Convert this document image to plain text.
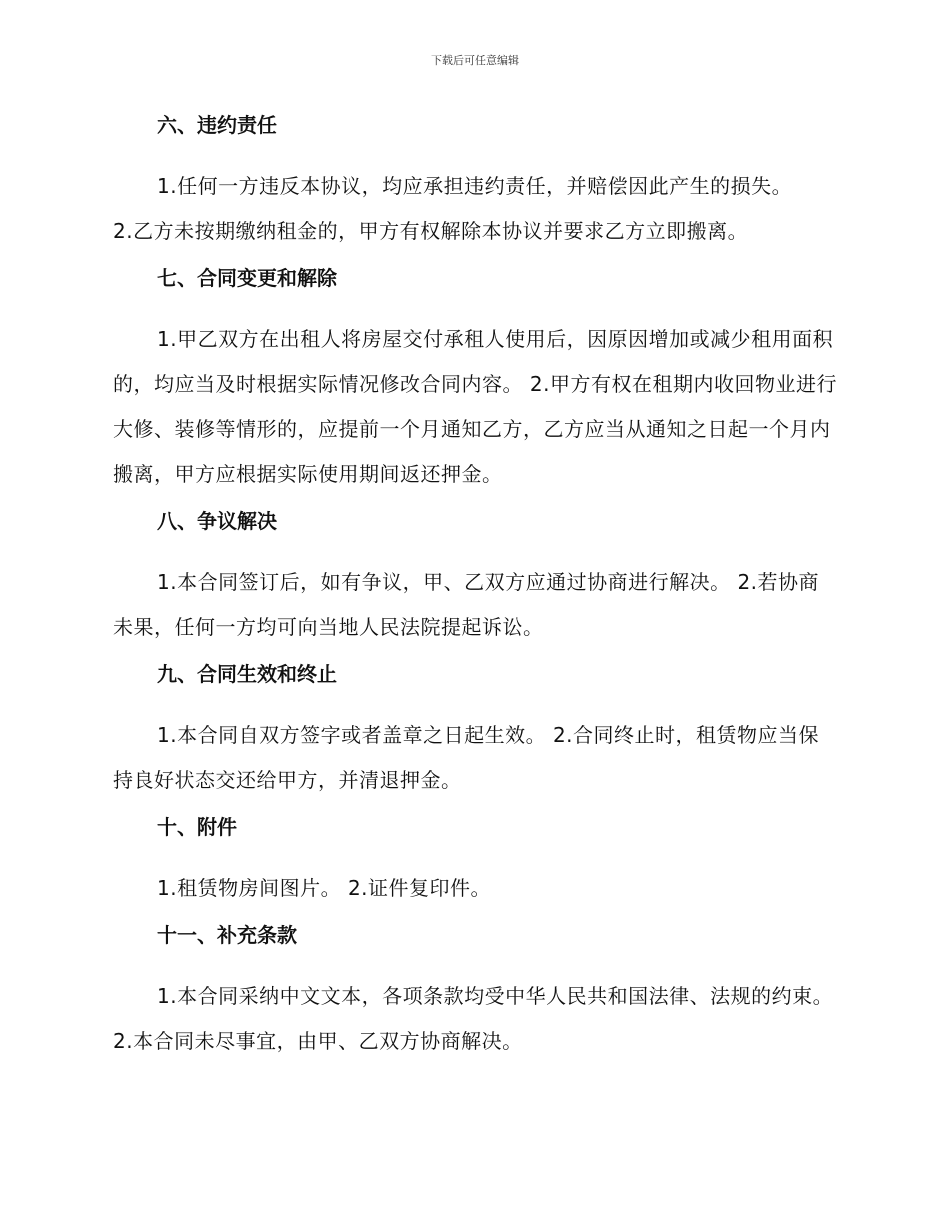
下载后可任意编辑
六、违约责任

1.任何一方违反本协议，均应承担违约责任，并赔偿因此产生的损失。

2.乙方未按期缴纳租金的，甲方有权解除本协议并要求乙方立即搬离。

七、合同变更和解除

1.甲乙双方在出租人将房屋交付承租人使用后，因原因增加或减少租用面积的，均应当及时根据实际情况修改合同内容。 2.甲方有权在租期内收回物业进行大修、装修等情形的，应提前一个月通知乙方，乙方应当从通知之日起一个月内搬离，甲方应根据实际使用期间返还押金。

八、争议解决

1.本合同签订后，如有争议，甲、乙双方应通过协商进行解决。 2.若协商未果，任何一方均可向当地人民法院提起诉讼。

九、合同生效和终止

1.本合同自双方签字或者盖章之日起生效。 2.合同终止时，租赁物应当保持良好状态交还给甲方，并清退押金。

十、附件

1.租赁物房间图片。 2.证件复印件。

十一、补充条款

1.本合同采纳中文文本，各项条款均受中华人民共和国法律、法规的约束。 2.本合同未尽事宜，由甲、乙双方协商解决。
